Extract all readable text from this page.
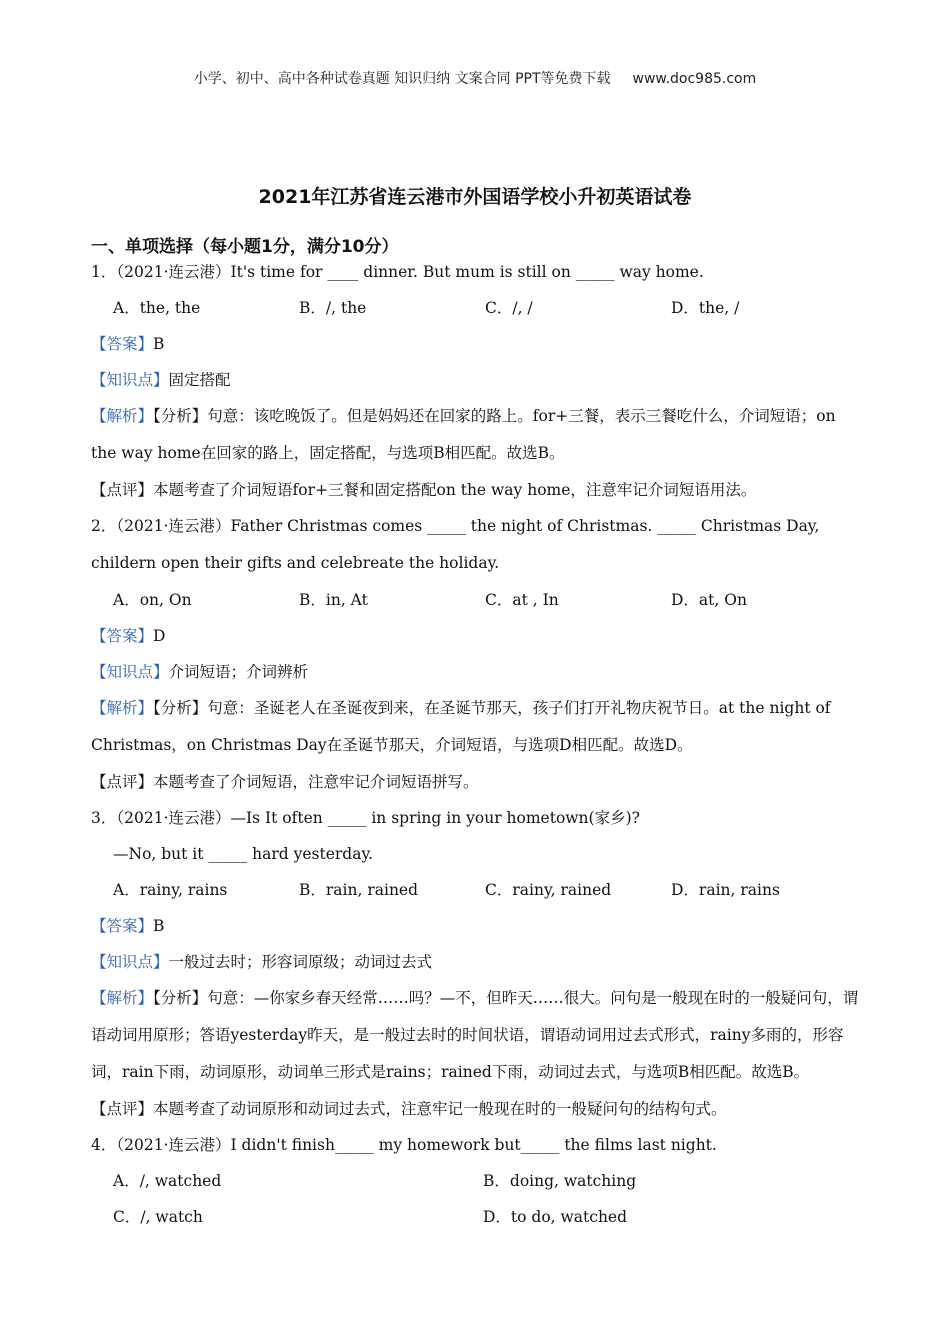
小学、初中、高中各种试卷真题 知识归纳 文案合同 PPT等免费下载 www.doc985.com
2021年江苏省连云港市外国语学校小升初英语试卷
一、单项选择（每小题1分，满分10分）
1．（2021·连云港）It's time for ____ dinner. But mum is still on _____ way home.
A．the, the	B．/, the	C．/, /	D．the, /
【答案】B
【知识点】固定搭配
【解析】【分析】句意：该吃晚饭了。但是妈妈还在回家的路上。for+三餐，表示三餐吃什么，介词短语；on the way home在回家的路上，固定搭配，与选项B相匹配。故选B。
【点评】本题考查了介词短语for+三餐和固定搭配on the way home，注意牢记介词短语用法。
2．（2021·连云港）Father Christmas comes _____ the night of Christmas. _____ Christmas Day, childern open their gifts and celebreate the holiday.
A．on, On	B．in, At	C．at , In	D．at, On
【答案】D
【知识点】介词短语；介词辨析
【解析】【分析】句意：圣诞老人在圣诞夜到来，在圣诞节那天，孩子们打开礼物庆祝节日。at the night of Christmas，on Christmas Day在圣诞节那天，介词短语，与选项D相匹配。故选D。
【点评】本题考查了介词短语，注意牢记介词短语拼写。
3．（2021·连云港）—Is It often _____ in spring in your hometown(家乡)?
—No, but it _____ hard yesterday.
A．rainy, rains	B．rain, rained	C．rainy, rained	D．rain, rains
【答案】B
【知识点】一般过去时；形容词原级；动词过去式
【解析】【分析】句意：—你家乡春天经常……吗？—不，但昨天……很大。问句是一般现在时的一般疑问句，谓语动词用原形；答语yesterday昨天，是一般过去时的时间状语，谓语动词用过去式形式，rainy多雨的，形容词，rain下雨，动词原形，动词单三形式是rains；rained下雨，动词过去式，与选项B相匹配。故选B。
【点评】本题考查了动词原形和动词过去式，注意牢记一般现在时的一般疑问句的结构句式。
4．（2021·连云港）I didn't finish_____ my homework but_____ the films last night.
A．/, watched	B．doing, watching
C．/, watch	D．to do, watched
